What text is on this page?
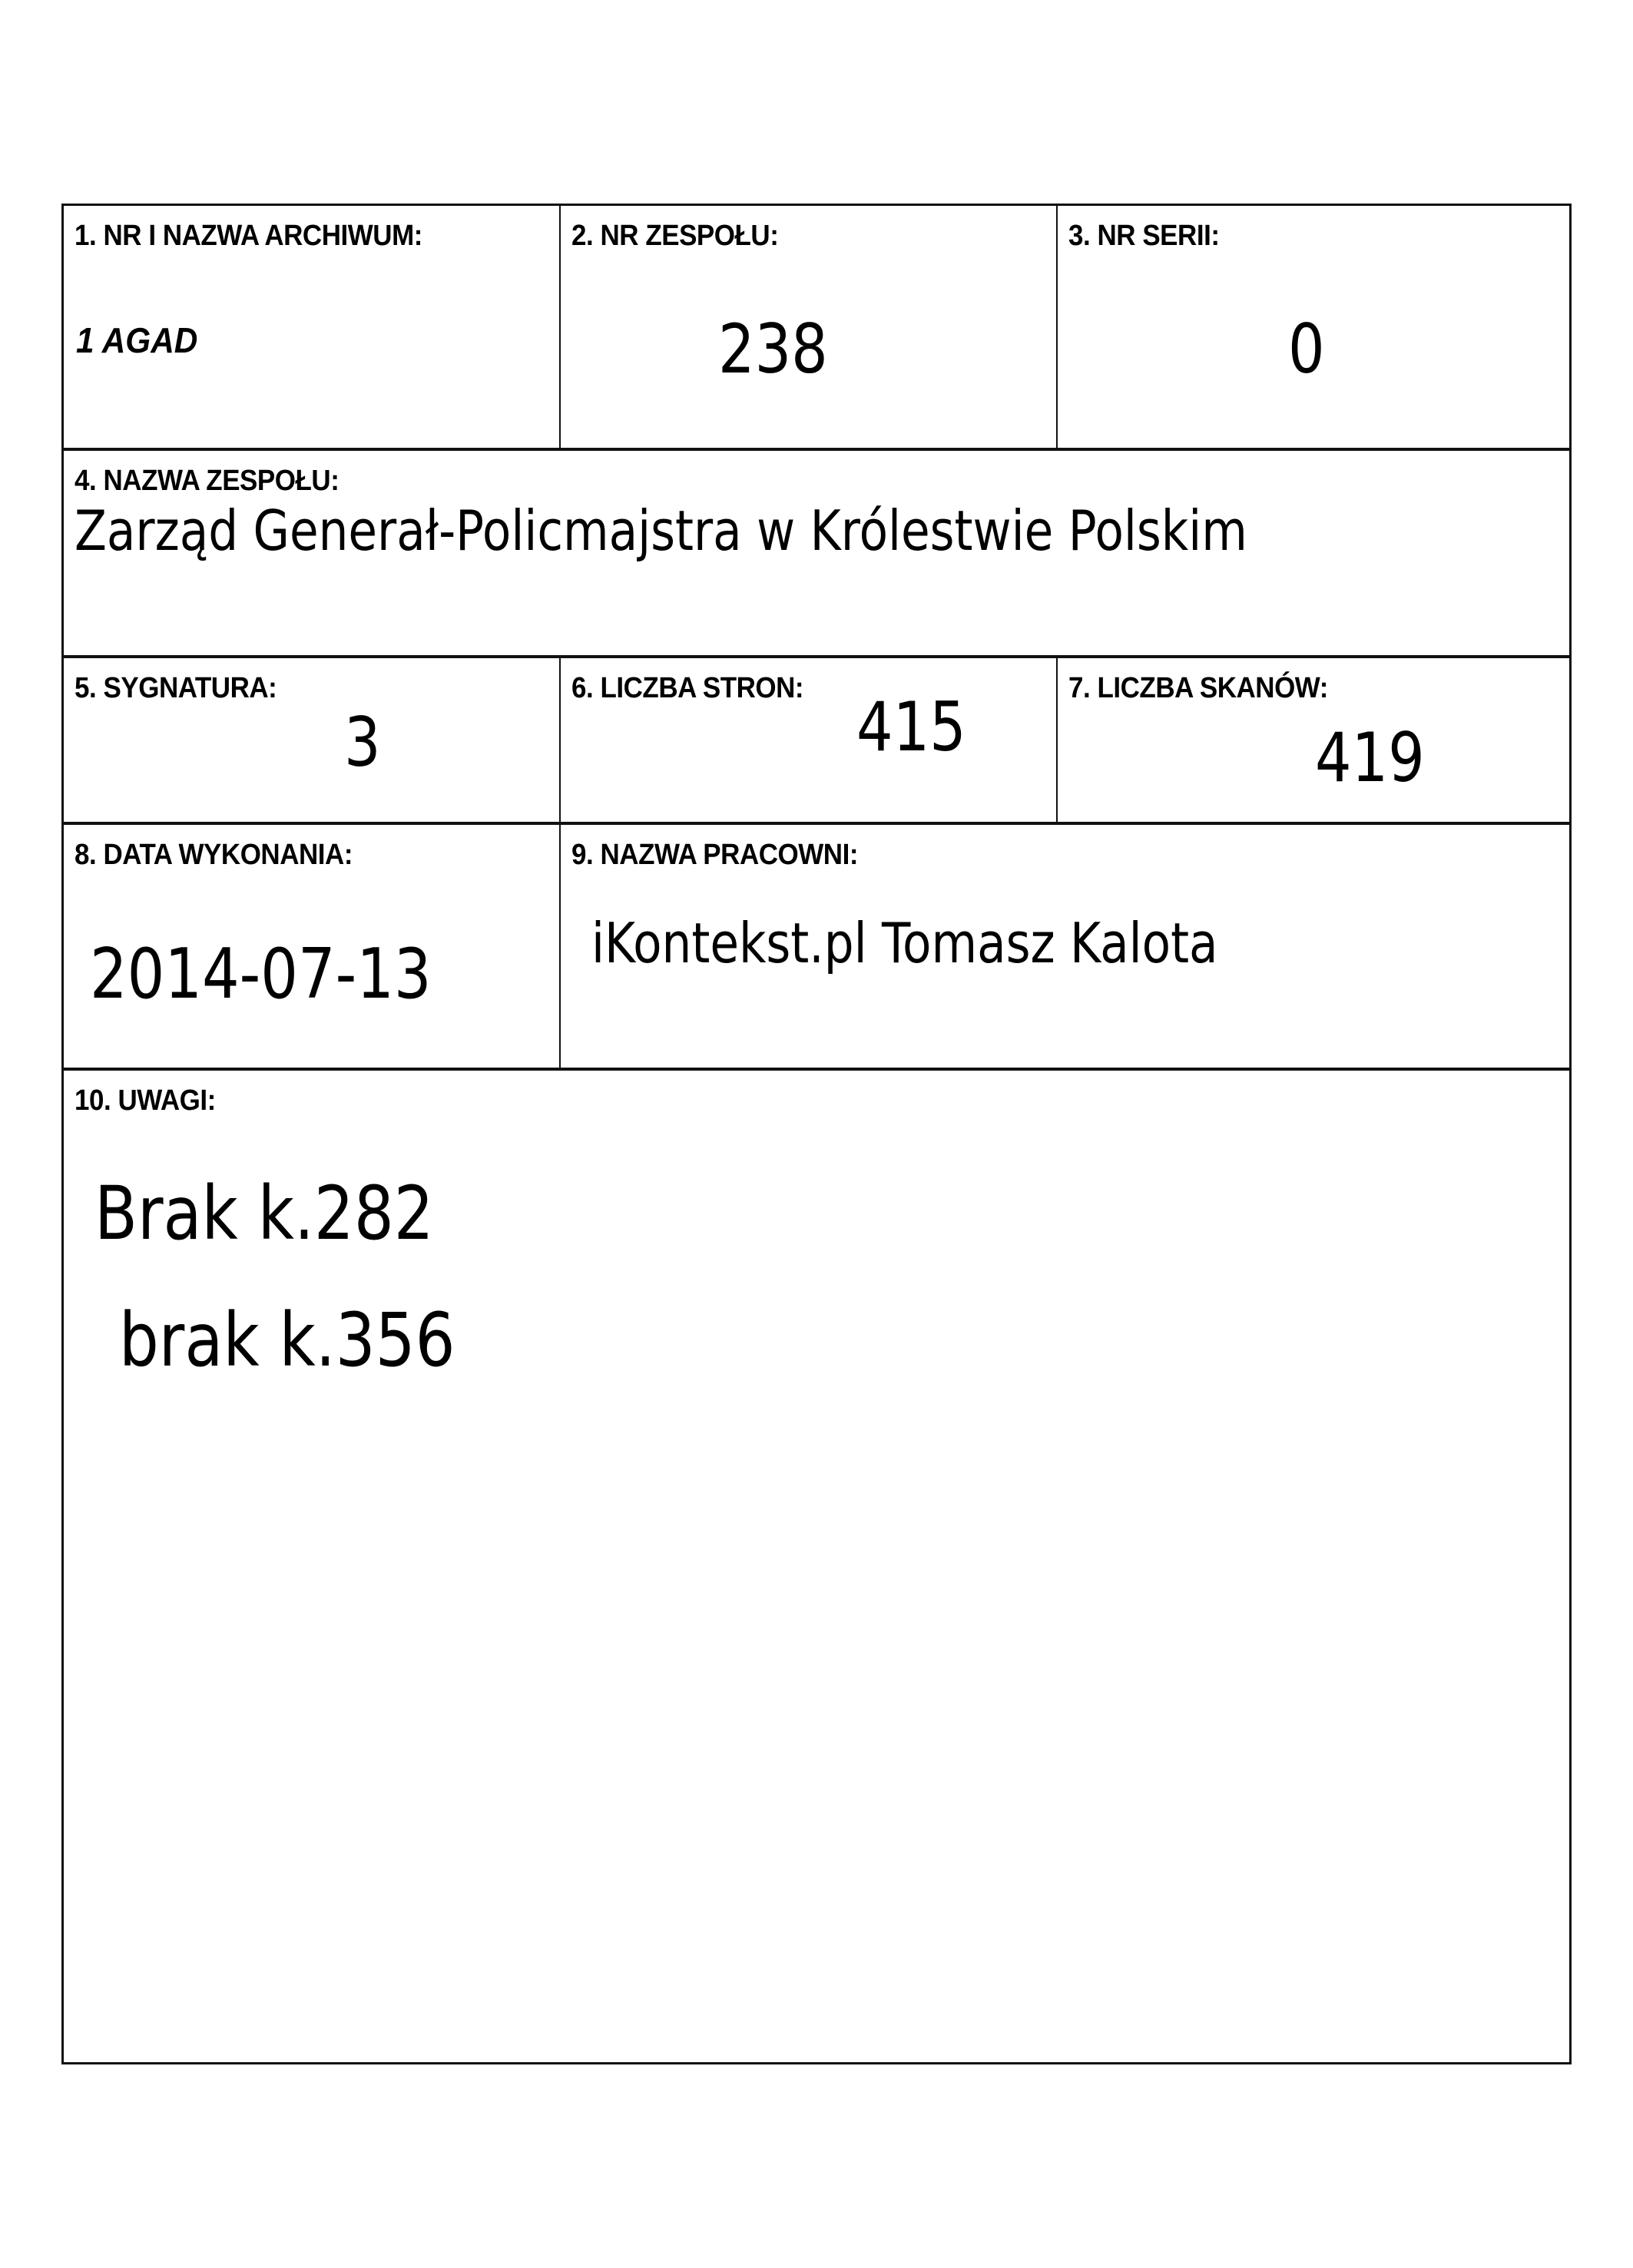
1. NR I NAZWA ARCHIWUM:
1 AGAD
2. NR ZESPOŁU:
238
3. NR SERII:
0
4. NAZWA ZESPOŁU:
Zarząd Generał-Policmajstra w Królestwie Polskim
5. SYGNATURA:
3
6. LICZBA STRON: 415	7. LICZBA SKANÓW:
419
8. DATA WYKONANIA:
2014-07-13
9. NAZWA PRACOWNI:
iKontekst.pl Tomasz Kalota
10. UWAGI:
Brak k.282
brak k.356
